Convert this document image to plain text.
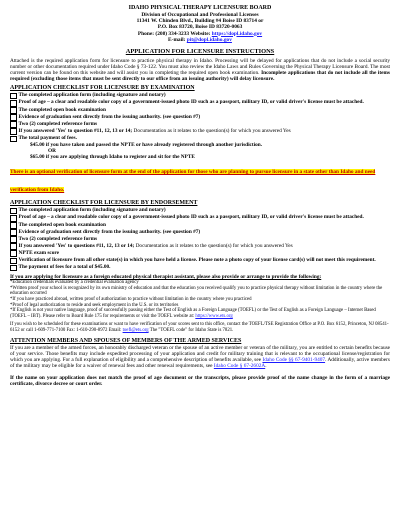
IDAHO PHYSICAL THERAPY LICENSURE BOARD
Division of Occupational and Professional Licenses
11341 W. Chinden Blvd., Building #4 Boise ID 83714 or
P.O. Box 83720, Boise ID 83720-0063
Phone: (208) 334-3233 Website: https://dopl.idaho.gov
E-mail: pit@dopl.idaho.gov
APPLICATION FOR LICENSURE INSTRUCTIONS

Attached is the required application form for licensure to practice physical therapy in Idaho. Processing will be delayed for applications that do not include a social security number or other documentation required under Idaho Code § 73-122. You must also review the Idaho Laws and Rules Governing the Physical Therapy Licensure Board. The most current version can be found on this website and will assist you in completing the required open book examination. Incomplete applications that do not include all the items required (excluding those items that must be sent directly to our office from an issuing authority) will delay licensure.

APPLICATION CHECKLIST FOR LICENSURE BY EXAMINATION
The completed application form (including signature and notary)
Proof of age – a clear and readable color copy of a government-issued photo ID such as a passport, military ID, or valid driver's license must be attached.
The completed open book examination
Evidence of graduation sent directly from the issuing authority. (see question #7)
Two (2) completed reference forms
If you answered 'Yes' to question #11, 12, 13 or 14; Documentation as it relates to the question(s) for which you answered Yes
The total payment of fees.
$45.00 if you have taken and passed the NPTE or have already registered through another jurisdiction.
OR
$65.00 if you are applying through Idaho to register and sit for the NPTE
There is an optional verification of licensure form at the end of the application for those who are planning to pursue licensure in a state other than Idaho and need verification from Idaho.
APPLICATION CHECKLIST FOR LICENSURE BY ENDORSEMENT
The completed application form (including signature and notary)
Proof of age – a clear and readable color copy of a government-issued photo ID such as a passport, military ID, or valid driver's license must be attached.
The completed open book examination
Evidence of graduation sent directly from the issuing authority. (see question #7)
Two (2) completed reference forms
If you answered 'Yes' to questions #11, 12, 13 or 14; Documentation as it relates to the question(s) for which you answered Yes
NPTE exam score
Verification of licensure from all other state(s) in which you have held a license. Please note a photo copy of your license card(s) will not meet this requirement.
The payment of fees for a total of $45.00.
If you are applying for licensure as a foreign educated physical therapist assistant, please also provide or arrange to provide the following:
*Education credentials evaluated by a credential evaluation agency
*Written proof your school is recognized by its own ministry of education and that the education you received qualify you to practice physical therapy without limitation in the country where the education occurred
*If you have practiced abroad, written proof of authorization to practice without limitation in the country where you practiced
*Proof of legal authorization to reside and seek employment in the U.S. or its territories
*If English is not your native language, proof of successfully passing either the Test of English as a Foreign Language (TOEFL) or the Test of English as a Foreign Language – Internet Based (TOEFL – IBT). Please refer to Board Rule 175 for requirements or visit the TOEFL website at: https://www.ets.org
If you wish to be scheduled for these examinations or want to have verification of your scores sent to this office, contact the TOEFL/TSE Registration Office at P.O. Box 6152, Princeton, NJ 08541-6152 or call 1-609-771-7100 Fax: 1-610-290-8972 Email: toefl@ets.org The "TOEFL code" for Idaho State is 7821.
ATTENTION MEMBERS AND SPOUSES OF MEMBERS OF THE ARMED SERVICES

If you are a member of the armed forces, an honorably discharged veteran or the spouse of an active member or veteran of the military, you are entitled to certain benefits because of your service. Those benefits may include expedited processing of your application and credit for military training that is relevant to the occupational license/registration for which you are applying. For a full explanation of eligibility and a comprehensive description of benefits available, see Idaho Code §§ 67-9401-9407. Additionally, active members of the military may be eligible for a waiver of renewal fees and other renewal requirements, see Idaho Code § 67-2602A.

If the name on your application does not match the proof of age document or the transcripts, please provide proof of the name change in the form of a marriage certificate, divorce decree or court order.
